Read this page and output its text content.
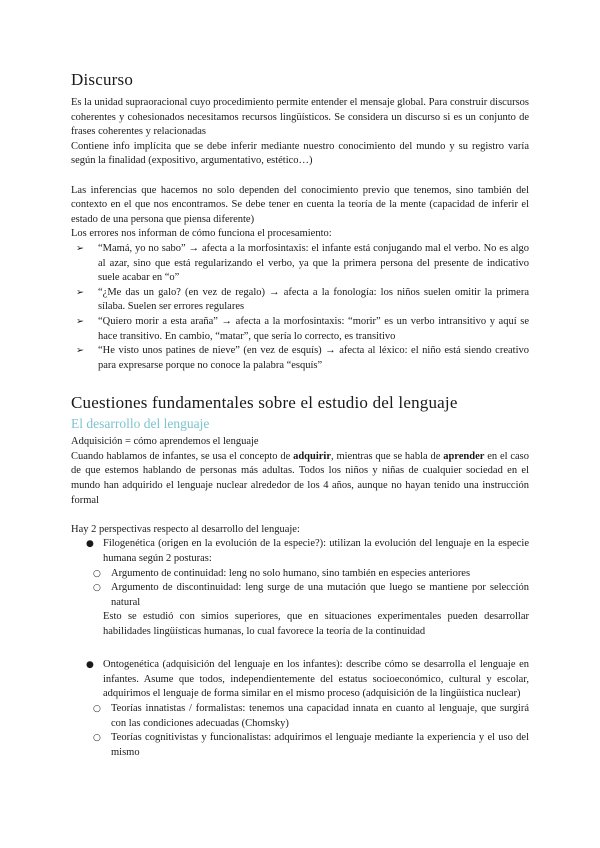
Discurso

Es la unidad supraoracional cuyo procedimiento permite entender el mensaje global. Para construir discursos coherentes y cohesionados necesitamos recursos lingüísticos. Se considera un discurso si es un conjunto de frases coherentes y relacionadas

Contiene info implícita que se debe inferir mediante nuestro conocimiento del mundo y su registro varía según la finalidad (expositivo, argumentativo, estético…)

Las inferencias que hacemos no solo dependen del conocimiento previo que tenemos, sino también del contexto en el que nos encontramos. Se debe tener en cuenta la teoría de la mente (capacidad de inferir el estado de una persona que piensa diferente)

Los errores nos informan de cómo funciona el procesamiento:

➢ “Mamá, yo no sabo” → afecta a la morfosintaxis: el infante está conjugando mal el verbo. No es algo al azar, sino que está regularizando el verbo, ya que la primera persona del presente de indicativo suele acabar en “o”
➢ “¿Me das un galo? (en vez de regalo) → afecta a la fonología: los niños suelen omitir la primera sílaba. Suelen ser errores regulares
➢ “Quiero morir a esta araña” → afecta a la morfosintaxis: “morir” es un verbo intransitivo y aquí se hace transitivo. En cambio, “matar”, que sería lo correcto, es transitivo
➢ “He visto unos patines de nieve” (en vez de esquís) → afecta al léxico: el niño está siendo creativo para expresarse porque no conoce la palabra “esquís”
Cuestiones fundamentales sobre el estudio del lenguaje
El desarrollo del lenguaje

Adquisición = cómo aprendemos el lenguaje

Cuando hablamos de infantes, se usa el concepto de adquirir, mientras que se habla de aprender en el caso de que estemos hablando de personas más adultas. Todos los niños y niñas de cualquier sociedad en el mundo han adquirido el lenguaje nuclear alrededor de los 4 años, aunque no hayan tenido una instrucción formal

Hay 2 perspectivas respecto al desarrollo del lenguaje:

● Filogenética (origen en la evolución de la especie?): utilizan la evolución del lenguaje en la especie humana según 2 posturas:
○ Argumento de continuidad: leng no solo humano, sino también en especies anteriores
○ Argumento de discontinuidad: leng surge de una mutación que luego se mantiene por selección natural

Esto se estudió con simios superiores, que en situaciones experimentales pueden desarrollar habilidades lingüísticas humanas, lo cual favorece la teoría de la continuidad

● Ontogenética (adquisición del lenguaje en los infantes): describe cómo se desarrolla el lenguaje en infantes. Asume que todos, independientemente del estatus socioeconómico, cultural y escolar, adquirimos el lenguaje de forma similar en el mismo proceso (adquisición de la lingüística nuclear)
○ Teorías innatistas / formalistas: tenemos una capacidad innata en cuanto al lenguaje, que surgirá con las condiciones adecuadas (Chomsky)
○ Teorías cognitivistas y funcionalistas: adquirimos el lenguaje mediante la experiencia y el uso del mismo
